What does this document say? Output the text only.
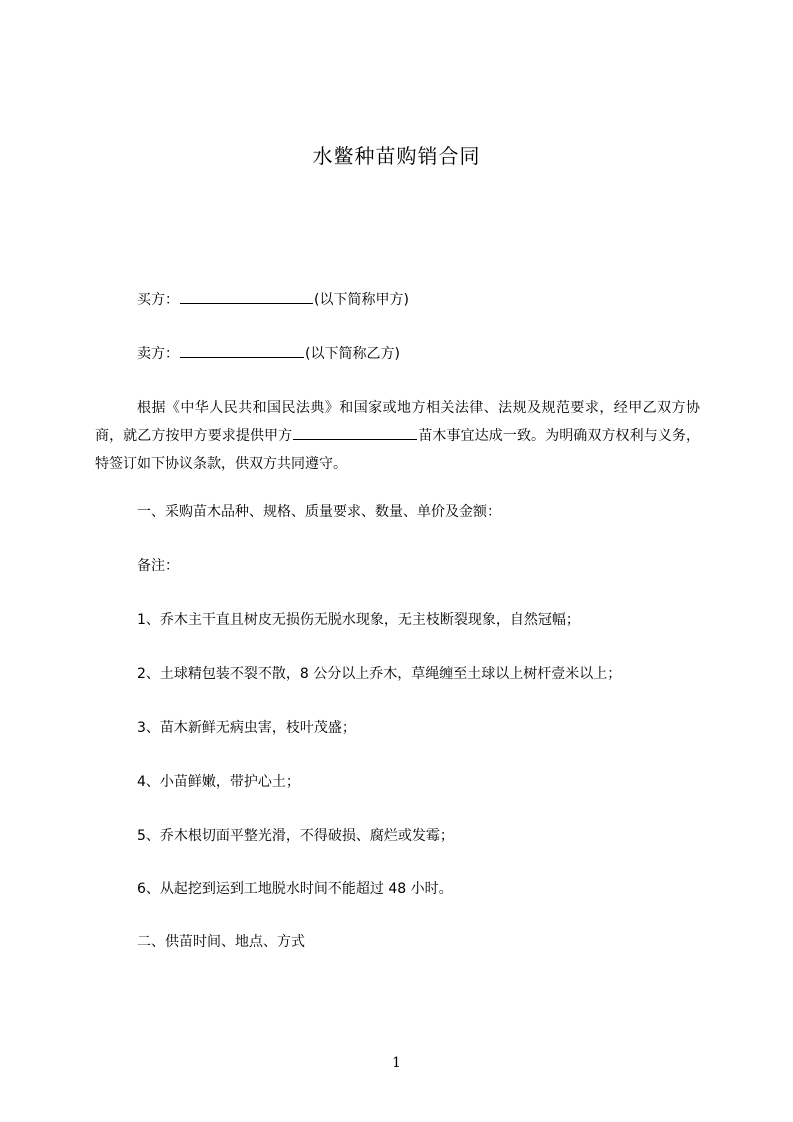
水鳖种苗购销合同
买方：	(以下简称甲方)
卖方：	(以下简称乙方)
根据《中华人民共和国民法典》和国家或地方相关法律、法规及规范要求，经甲乙双方协商，就乙方按甲方要求提供甲方	苗木事宜达成一致。为明确双方权利与义务，特签订如下协议条款，供双方共同遵守。
一、采购苗木品种、规格、质量要求、数量、单价及金额：
备注：
1、乔木主干直且树皮无损伤无脱水现象，无主枝断裂现象，自然冠幅；
2、土球精包装不裂不散，8 公分以上乔木，草绳缠至土球以上树杆壹米以上；
3、苗木新鲜无病虫害，枝叶茂盛；
4、小苗鲜嫩，带护心土；
5、乔木根切面平整光滑，不得破损、腐烂或发霉；
6、从起挖到运到工地脱水时间不能超过 48 小时。
二、供苗时间、地点、方式
1
